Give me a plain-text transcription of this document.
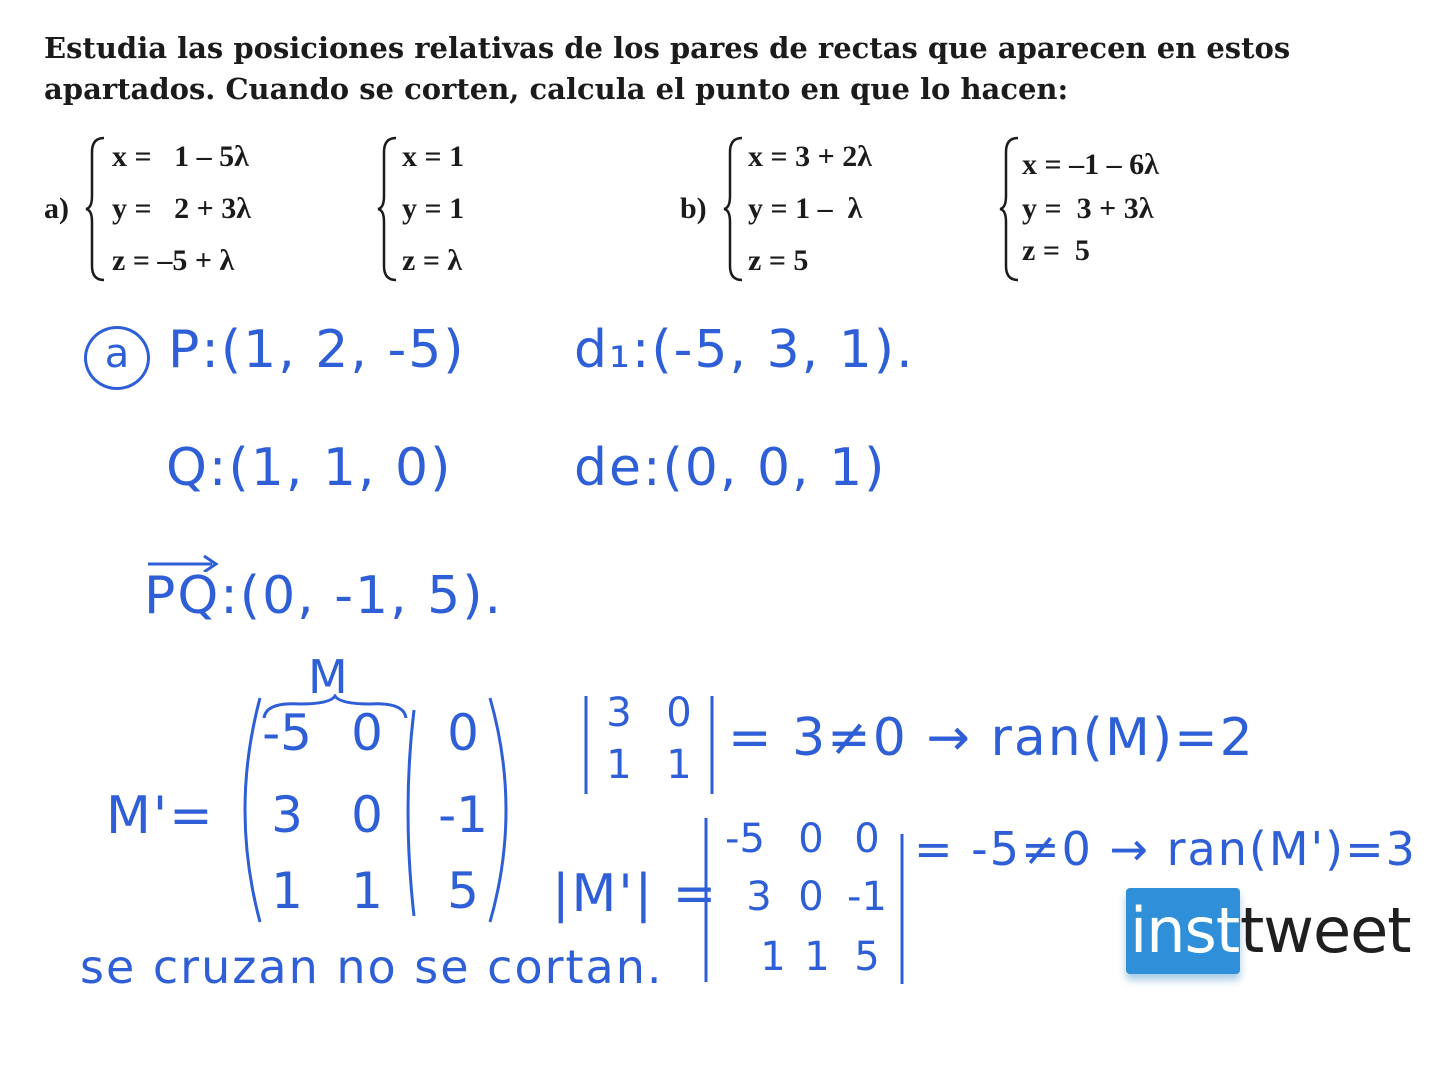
Estudia las posiciones relativas de los pares de rectas que aparecen en estos apartados. Cuando se corten, calcula el punto en que lo hacen:

a)
x =   1 – 5λ
y =   2 + 3λ
z = –5 + λ
x = 1
y = 1
z = λ
b)
x = 3 + 2λ
y = 1 –  λ
z = 5
x = –1 – 6λ
y =  3 + 3λ
z =  5
a P:(1, 2, -5) d₁:(-5, 3, 1).
Q:(1, 1, 0) de:(0, 0, 1)
PQ:(0, -1, 5).
M
M'=
-5 0	0
3 0	-1
1 1	5
3 0
1 1 = 3≠0 → ran(M)=2
|M'| =
-5 0 0
3 0 -1
1 1 5
= -5≠0 → ran(M')=3
se cruzan no se cortan.	insti
tweet
